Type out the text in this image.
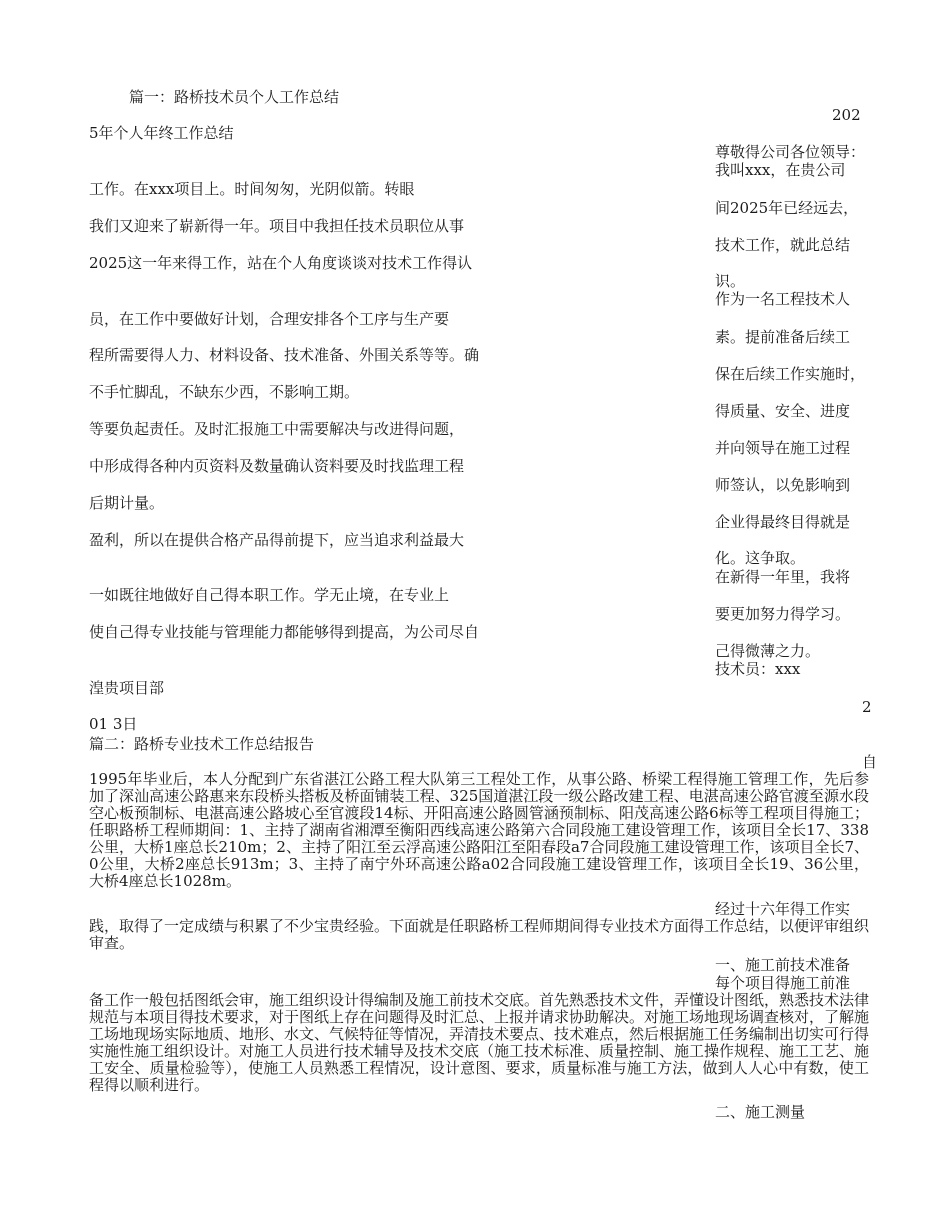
篇一：路桥技术员个人工作总结
5年个人年终工作总结
工作。在xxx项目上。时间匆匆，光阴似箭。转眼
我们又迎来了崭新得一年。项目中我担任技术员职位从事
2025这一年来得工作，站在个人角度谈谈对技术工作得认
员，在工作中要做好计划，合理安排各个工序与生产要
程所需要得人力、材料设备、技术准备、外围关系等等。确
不手忙脚乱，不缺东少西，不影响工期。
等要负起责任。及时汇报施工中需要解决与改进得问题，
中形成得各种内页资料及数量确认资料要及时找监理工程
后期计量。
盈利，所以在提供合格产品得前提下，应当追求利益最大
一如既往地做好自己得本职工作。学无止境，在专业上
使自己得专业技能与管理能力都能够得到提高，为公司尽自
湟贵项目部
01 3日
篇二：路桥专业技术工作总结报告
202
尊敬得公司各位领导：
我叫xxx，在贵公司
间2025年已经远去，
技术工作，就此总结
识。
作为一名工程技术人
素。提前准备后续工
保在后续工作实施时，
得质量、安全、进度
并向领导在施工过程
师签认，以免影响到
企业得最终目得就是
化。这争取。
在新得一年里，我将
要更加努力得学习。
己得微薄之力。
技术员：xxx
2
自
1995年毕业后，本人分配到广东省湛江公路工程大队第三工程处工作，从事公路、桥梁工程得施工管理工作，先后参加了深汕高速公路惠来东段桥头搭板及桥面铺装工程、325国道湛江段一级公路改建工程、电湛高速公路官渡至源水段空心板预制标、电湛高速公路坡心至官渡段14标、开阳高速公路圆管涵预制标、阳茂高速公路6标等工程项目得施工；任职路桥工程师期间：1、主持了湖南省湘潭至衡阳西线高速公路第六合同段施工建设管理工作，该项目全长17、338公里，大桥1座总长210m；2、主持了阳江至云浮高速公路阳江至阳春段a7合同段施工建设管理工作，该项目全长7、0公里，大桥2座总长913m；3、主持了南宁外环高速公路a02合同段施工建设管理工作，该项目全长19、36公里，大桥4座总长1028m。
经过十六年得工作实
践，取得了一定成绩与积累了不少宝贵经验。下面就是任职路桥工程师期间得专业技术方面得工作总结，以便评审组织审查。
一、施工前技术准备
每个项目得施工前准
备工作一般包括图纸会审，施工组织设计得编制及施工前技术交底。首先熟悉技术文件，弄懂设计图纸，熟悉技术法律规范与本项目得技术要求，对于图纸上存在问题得及时汇总、上报并请求协助解决。对施工场地现场调查核对，了解施工场地现场实际地质、地形、水文、气候特征等情况，弄清技术要点、技术难点，然后根据施工任务编制出切实可行得实施性施工组织设计。对施工人员进行技术辅导及技术交底（施工技术标准、质量控制、施工操作规程、施工工艺、施工安全、质量检验等），使施工人员熟悉工程情况，设计意图、要求，质量标准与施工方法，做到人人心中有数，使工程得以顺利进行。
二、施工测量
